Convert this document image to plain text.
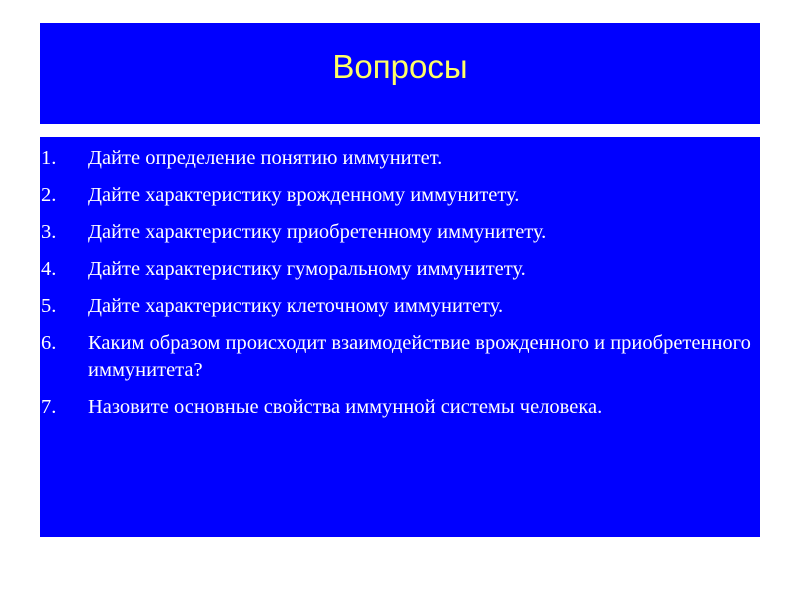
Вопросы
1. Дайте определение понятию иммунитет.
2. Дайте характеристику врожденному иммунитету.
3. Дайте характеристику приобретенному иммунитету.
4. Дайте характеристику гуморальному иммунитету.
5. Дайте характеристику клеточному иммунитету.
6. Каким образом происходит взаимодействие врожденного и приобретенного иммунитета?
7. Назовите основные свойства иммунной системы человека.
